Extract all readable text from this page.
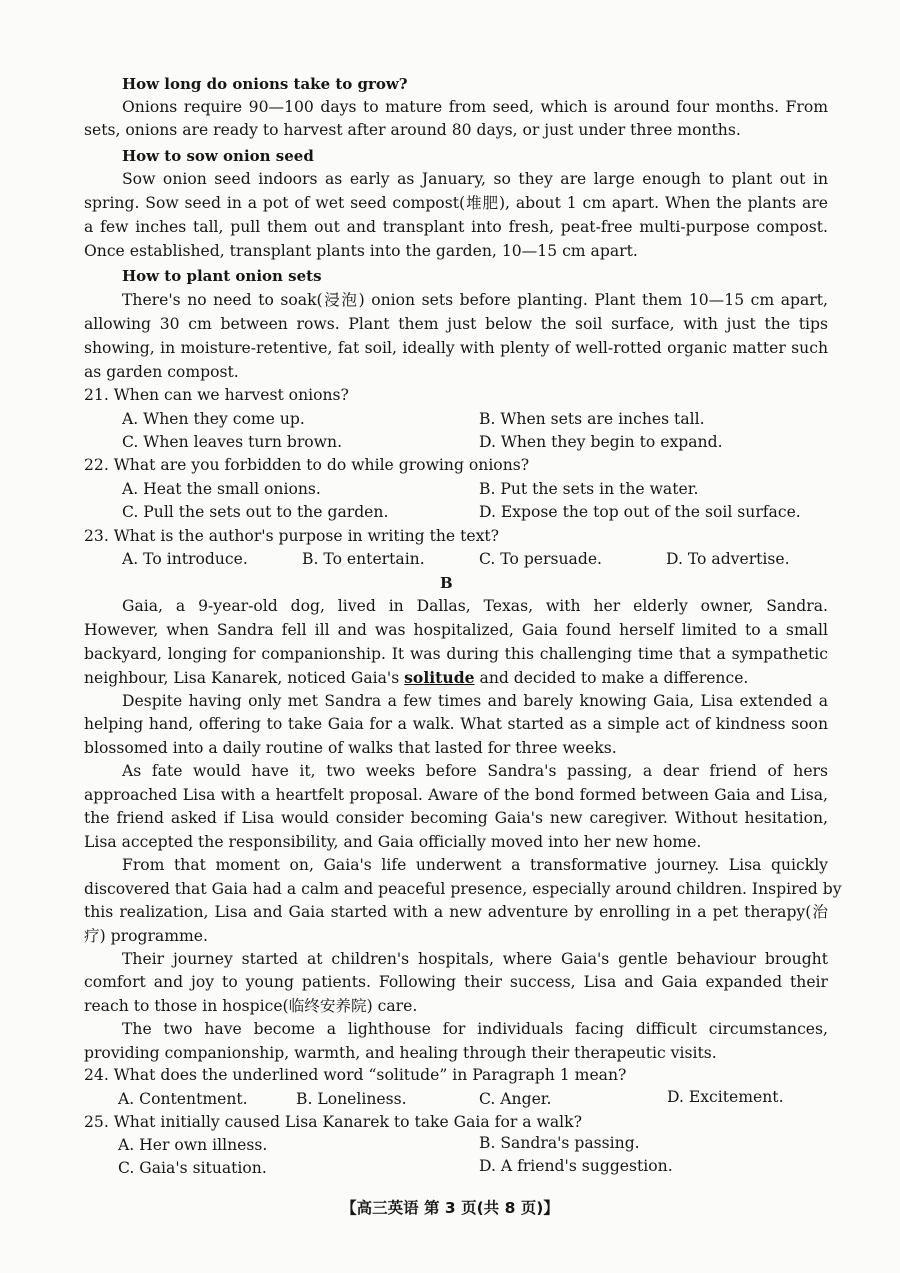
How long do onions take to grow?
Onions require 90—100 days to mature from seed, which is around four months. From
sets, onions are ready to harvest after around 80 days, or just under three months.
How to sow onion seed
Sow onion seed indoors as early as January, so they are large enough to plant out in
spring. Sow seed in a pot of wet seed compost(堆肥), about 1 cm apart. When the plants are
a few inches tall, pull them out and transplant into fresh, peat-free multi-purpose compost.
Once established, transplant plants into the garden, 10—15 cm apart.
How to plant onion sets
There's no need to soak(浸泡) onion sets before planting. Plant them 10—15 cm apart,
allowing 30 cm between rows. Plant them just below the soil surface, with just the tips
showing, in moisture-retentive, fat soil, ideally with plenty of well-rotted organic matter such
as garden compost.
21. When can we harvest onions?
A. When they come up.	B. When sets are inches tall.
C. When leaves turn brown.	D. When they begin to expand.
22. What are you forbidden to do while growing onions?
A. Heat the small onions.	B. Put the sets in the water.
C. Pull the sets out to the garden.	D. Expose the top out of the soil surface.
23. What is the author's purpose in writing the text?
A. To introduce.	B. To entertain.	C. To persuade.	D. To advertise.
B
Gaia, a 9-year-old dog, lived in Dallas, Texas, with her elderly owner, Sandra.
However, when Sandra fell ill and was hospitalized, Gaia found herself limited to a small
backyard, longing for companionship. It was during this challenging time that a sympathetic
neighbour, Lisa Kanarek, noticed Gaia's solitude and decided to make a difference.
Despite having only met Sandra a few times and barely knowing Gaia, Lisa extended a
helping hand, offering to take Gaia for a walk. What started as a simple act of kindness soon
blossomed into a daily routine of walks that lasted for three weeks.
As fate would have it, two weeks before Sandra's passing, a dear friend of hers
approached Lisa with a heartfelt proposal. Aware of the bond formed between Gaia and Lisa,
the friend asked if Lisa would consider becoming Gaia's new caregiver. Without hesitation,
Lisa accepted the responsibility, and Gaia officially moved into her new home.
From that moment on, Gaia's life underwent a transformative journey. Lisa quickly
discovered that Gaia had a calm and peaceful presence, especially around children. Inspired by
this realization, Lisa and Gaia started with a new adventure by enrolling in a pet therapy(治
疗) programme.
Their journey started at children's hospitals, where Gaia's gentle behaviour brought
comfort and joy to young patients. Following their success, Lisa and Gaia expanded their
reach to those in hospice(临终安养院) care.
The two have become a lighthouse for individuals facing difficult circumstances,
providing companionship, warmth, and healing through their therapeutic visits.
24. What does the underlined word “solitude” in Paragraph 1 mean?
A. Contentment.	B. Loneliness.	C. Anger.	D. Excitement.
25. What initially caused Lisa Kanarek to take Gaia for a walk?
A. Her own illness.	B. Sandra's passing.
C. Gaia's situation.	D. A friend's suggestion.
【高三英语 第 3 页(共 8 页)】
